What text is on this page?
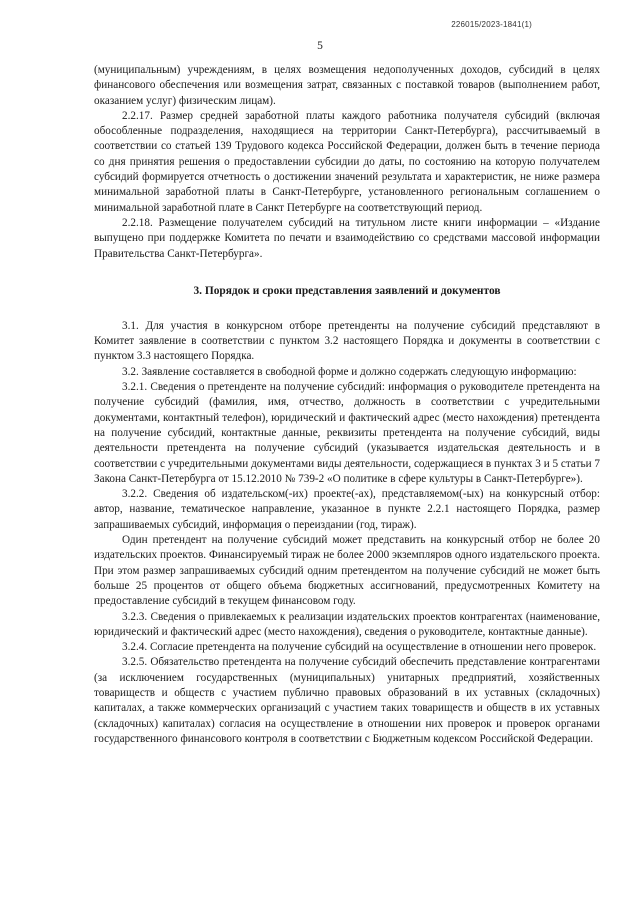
226015/2023-1841(1)
5

(муниципальным) учреждениям, в целях возмещения недополученных доходов, субсидий в целях финансового обеспечения или возмещения затрат, связанных с поставкой товаров (выполнением работ, оказанием услуг) физическим лицам).

2.2.17. Размер средней заработной платы каждого работника получателя субсидий (включая обособленные подразделения, находящиеся на территории Санкт-Петербурга), рассчитываемый в соответствии со статьей 139 Трудового кодекса Российской Федерации, должен быть в течение периода со дня принятия решения о предоставлении субсидии до даты, по состоянию на которую получателем субсидий формируется отчетность о достижении значений результата и характеристик, не ниже размера минимальной заработной платы в Санкт-Петербурге, установленного региональным соглашением о минимальной заработной плате в Санкт Петербурге на соответствующий период.

2.2.18. Размещение получателем субсидий на титульном листе книги информации – «Издание выпущено при поддержке Комитета по печати и взаимодействию со средствами массовой информации Правительства Санкт-Петербурга».

3. Порядок и сроки представления заявлений и документов

3.1. Для участия в конкурсном отборе претенденты на получение субсидий представляют в Комитет заявление в соответствии с пунктом 3.2 настоящего Порядка и документы в соответствии с пунктом 3.3 настоящего Порядка.

3.2. Заявление составляется в свободной форме и должно содержать следующую информацию:

3.2.1. Сведения о претенденте на получение субсидий: информация о руководителе претендента на получение субсидий (фамилия, имя, отчество, должность в соответствии с учредительными документами, контактный телефон), юридический и фактический адрес (место нахождения) претендента на получение субсидий, контактные данные, реквизиты претендента на получение субсидий, виды деятельности претендента на получение субсидий (указывается издательская деятельность и в соответствии с учредительными документами виды деятельности, содержащиеся в пунктах 3 и 5 статьи 7 Закона Санкт-Петербурга от 15.12.2010 № 739-2 «О политике в сфере культуры в Санкт-Петербурге»).

3.2.2. Сведения об издательском(-их) проекте(-ах), представляемом(-ых) на конкурсный отбор: автор, название, тематическое направление, указанное в пункте 2.2.1 настоящего Порядка, размер запрашиваемых субсидий, информация о переиздании (год, тираж).

Один претендент на получение субсидий может представить на конкурсный отбор не более 20 издательских проектов. Финансируемый тираж не более 2000 экземпляров одного издательского проекта. При этом размер запрашиваемых субсидий одним претендентом на получение субсидий не может быть больше 25 процентов от общего объема бюджетных ассигнований, предусмотренных Комитету на предоставление субсидий в текущем финансовом году.

3.2.3. Сведения о привлекаемых к реализации издательских проектов контрагентах (наименование, юридический и фактический адрес (место нахождения), сведения о руководителе, контактные данные).

3.2.4. Согласие претендента на получение субсидий на осуществление в отношении него проверок.

3.2.5. Обязательство претендента на получение субсидий обеспечить представление контрагентами (за исключением государственных (муниципальных) унитарных предприятий, хозяйственных товариществ и обществ с участием публично правовых образований в их уставных (складочных) капиталах, а также коммерческих организаций с участием таких товариществ и обществ в их уставных (складочных) капиталах) согласия на осуществление в отношении них проверок и проверок органами государственного финансового контроля в соответствии с Бюджетным кодексом Российской Федерации.
